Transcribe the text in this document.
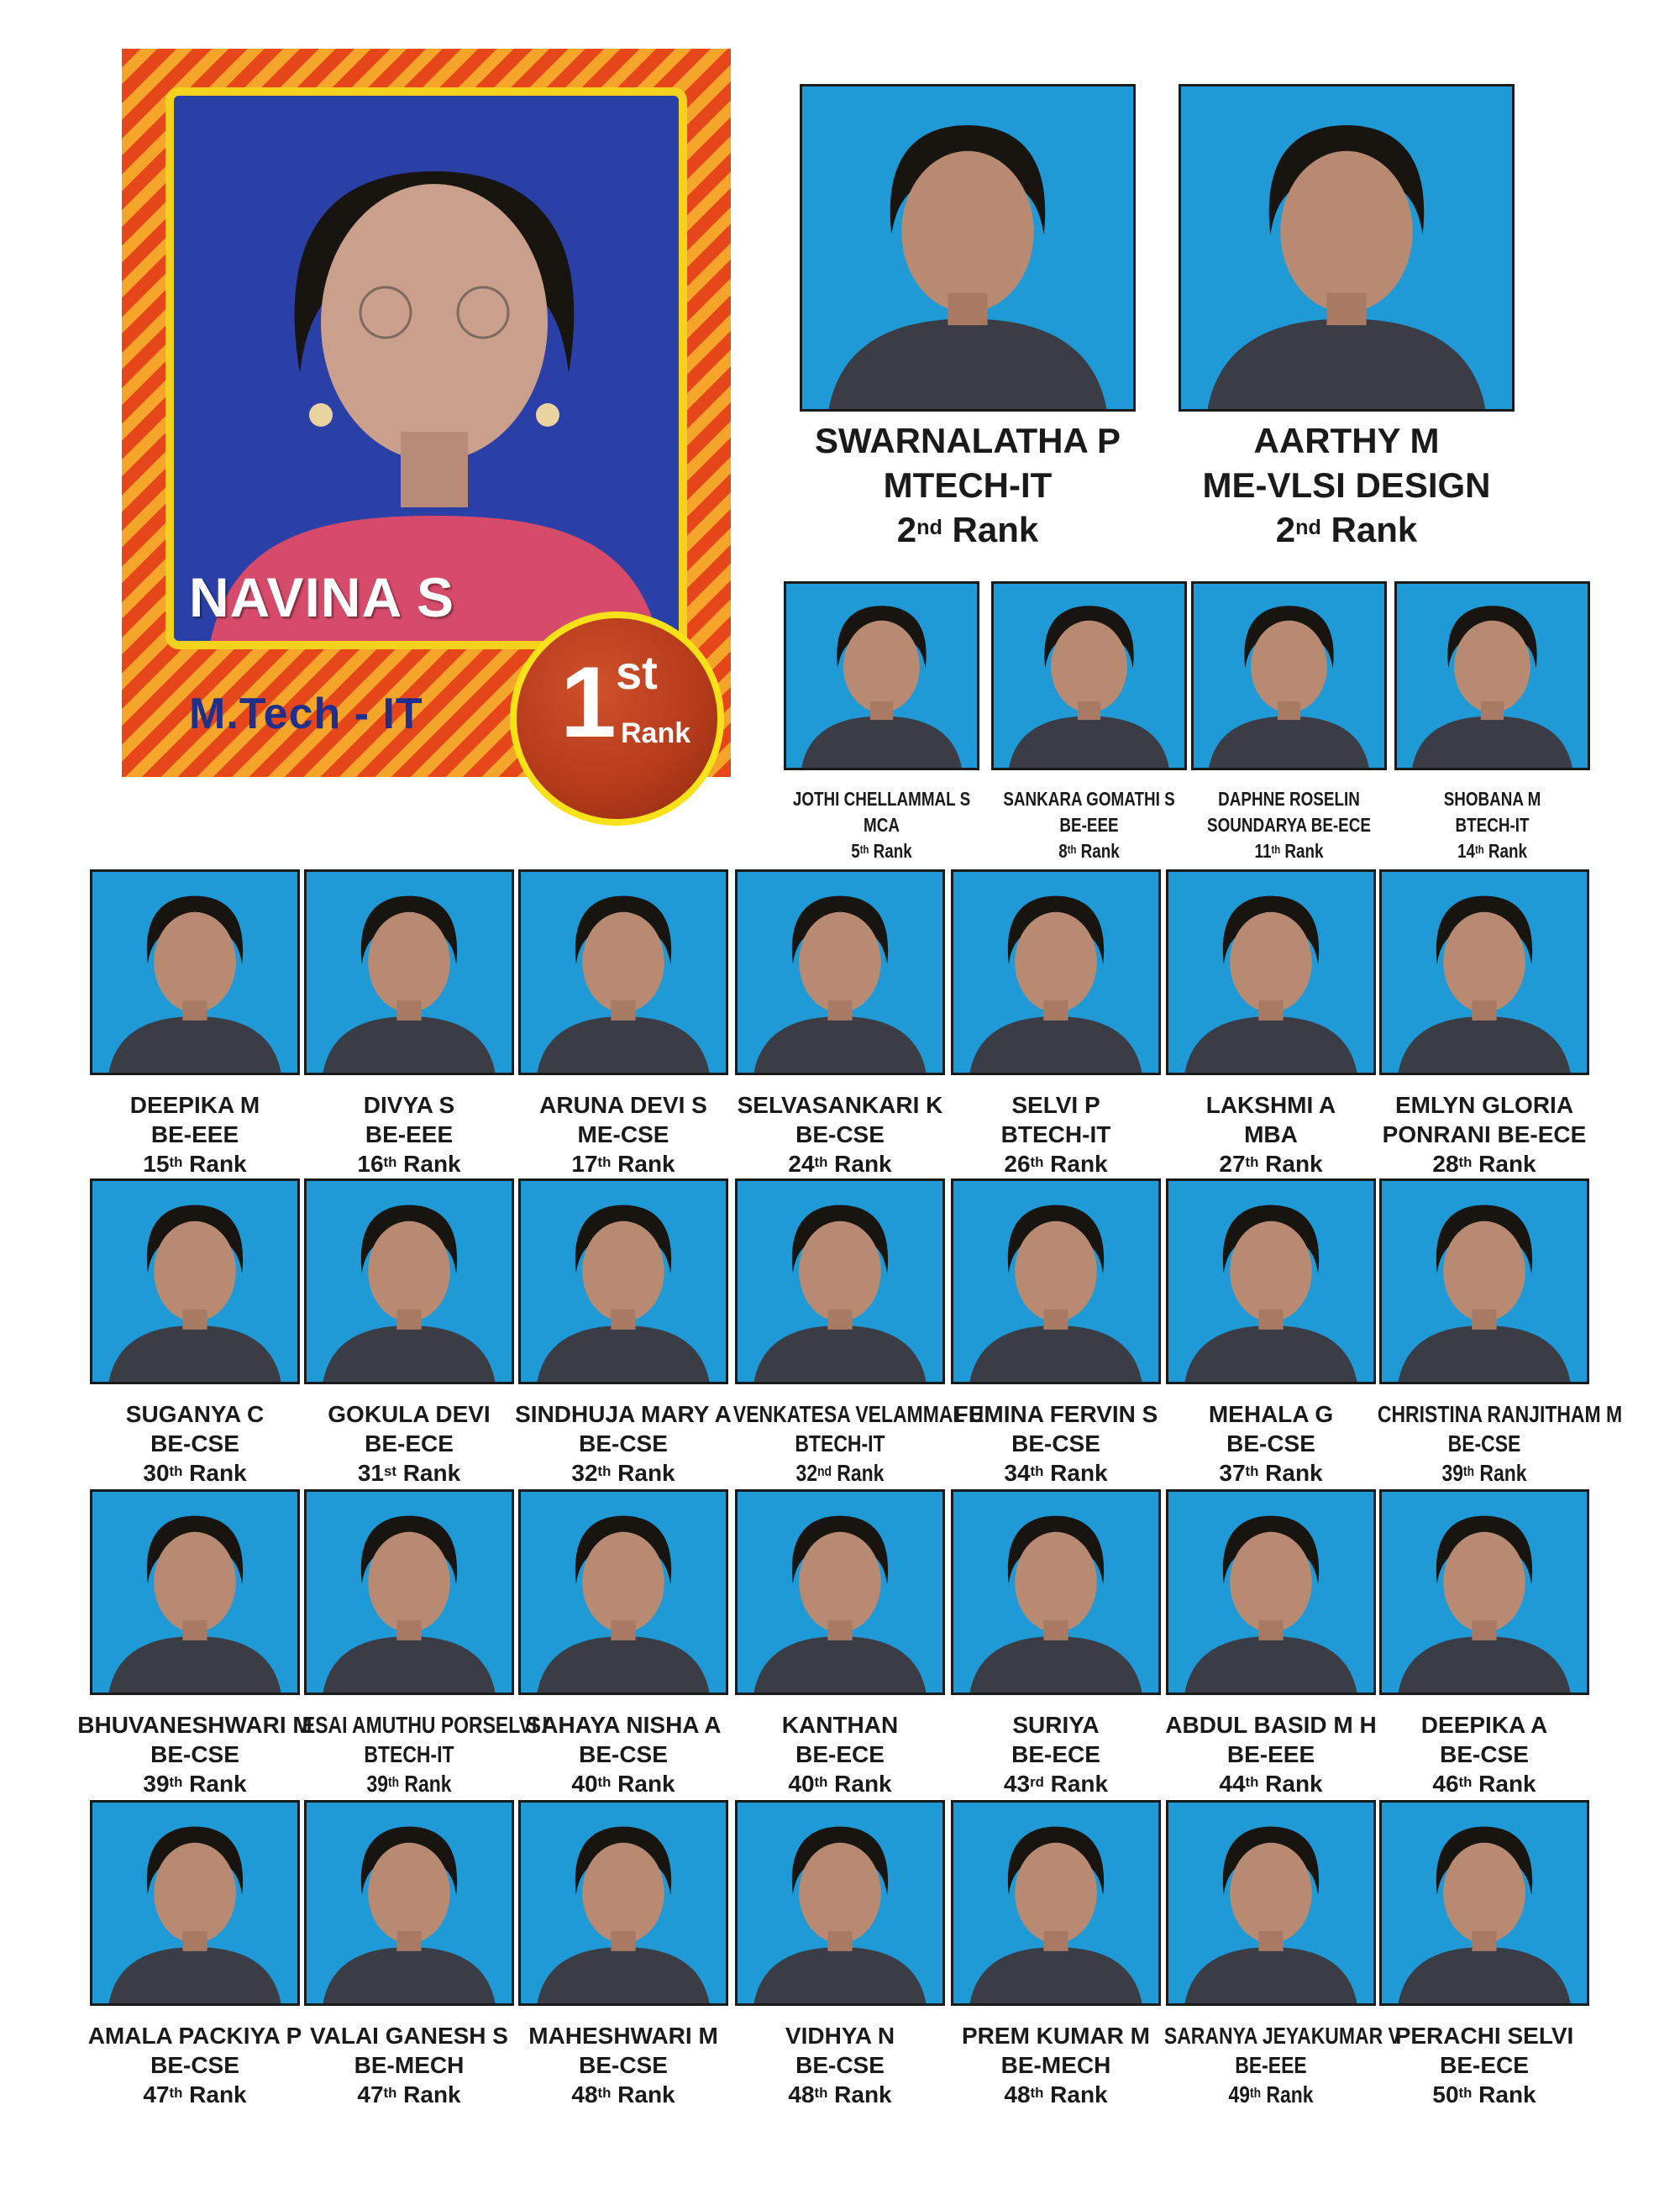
NAVINA S
M.Tech - IT 1 st
Rank
SWARNALATHA P
MTECH-IT
2nd Rank
AARTHY M
ME-VLSI DESIGN
2nd Rank
JOTHI CHELLAMMAL S
MCA
5th Rank
SANKARA GOMATHI S
BE-EEE
8th Rank
DAPHNE ROSELIN
SOUNDARYA BE-ECE
11th Rank
SHOBANA M
BTECH-IT
14th Rank
DEEPIKA M
BE-EEE
15th Rank
DIVYA S
BE-EEE
16th Rank
ARUNA DEVI S
ME-CSE
17th Rank
SELVASANKARI K
BE-CSE
24th Rank
SELVI P
BTECH-IT
26th Rank
LAKSHMI A
MBA
27th Rank
EMLYN GLORIA
PONRANI BE-ECE
28th Rank
SUGANYA C
BE-CSE
30th Rank
GOKULA DEVI
BE-ECE
31st Rank
SINDHUJA MARY A
BE-CSE
32th Rank
VENKATESA VELAMMAL U
BTECH-IT
32nd Rank
FEMINA FERVIN S
BE-CSE
34th Rank
MEHALA G
BE-CSE
37th Rank
CHRISTINA RANJITHAM M
BE-CSE
39th Rank
BHUVANESHWARI M
BE-CSE
39th Rank
ESAI AMUTHU PORSELVI I
BTECH-IT
39th Rank
SAHAYA NISHA A
BE-CSE
40th Rank
KANTHAN
BE-ECE
40th Rank
SURIYA
BE-ECE
43rd Rank
ABDUL BASID M H
BE-EEE
44th Rank
DEEPIKA A
BE-CSE
46th Rank
AMALA PACKIYA P
BE-CSE
47th Rank
VALAI GANESH S
BE-MECH
47th Rank
MAHESHWARI M
BE-CSE
48th Rank
VIDHYA N
BE-CSE
48th Rank
PREM KUMAR M
BE-MECH
48th Rank
SARANYA JEYAKUMAR V
BE-EEE
49th Rank
PERACHI SELVI
BE-ECE
50th Rank
